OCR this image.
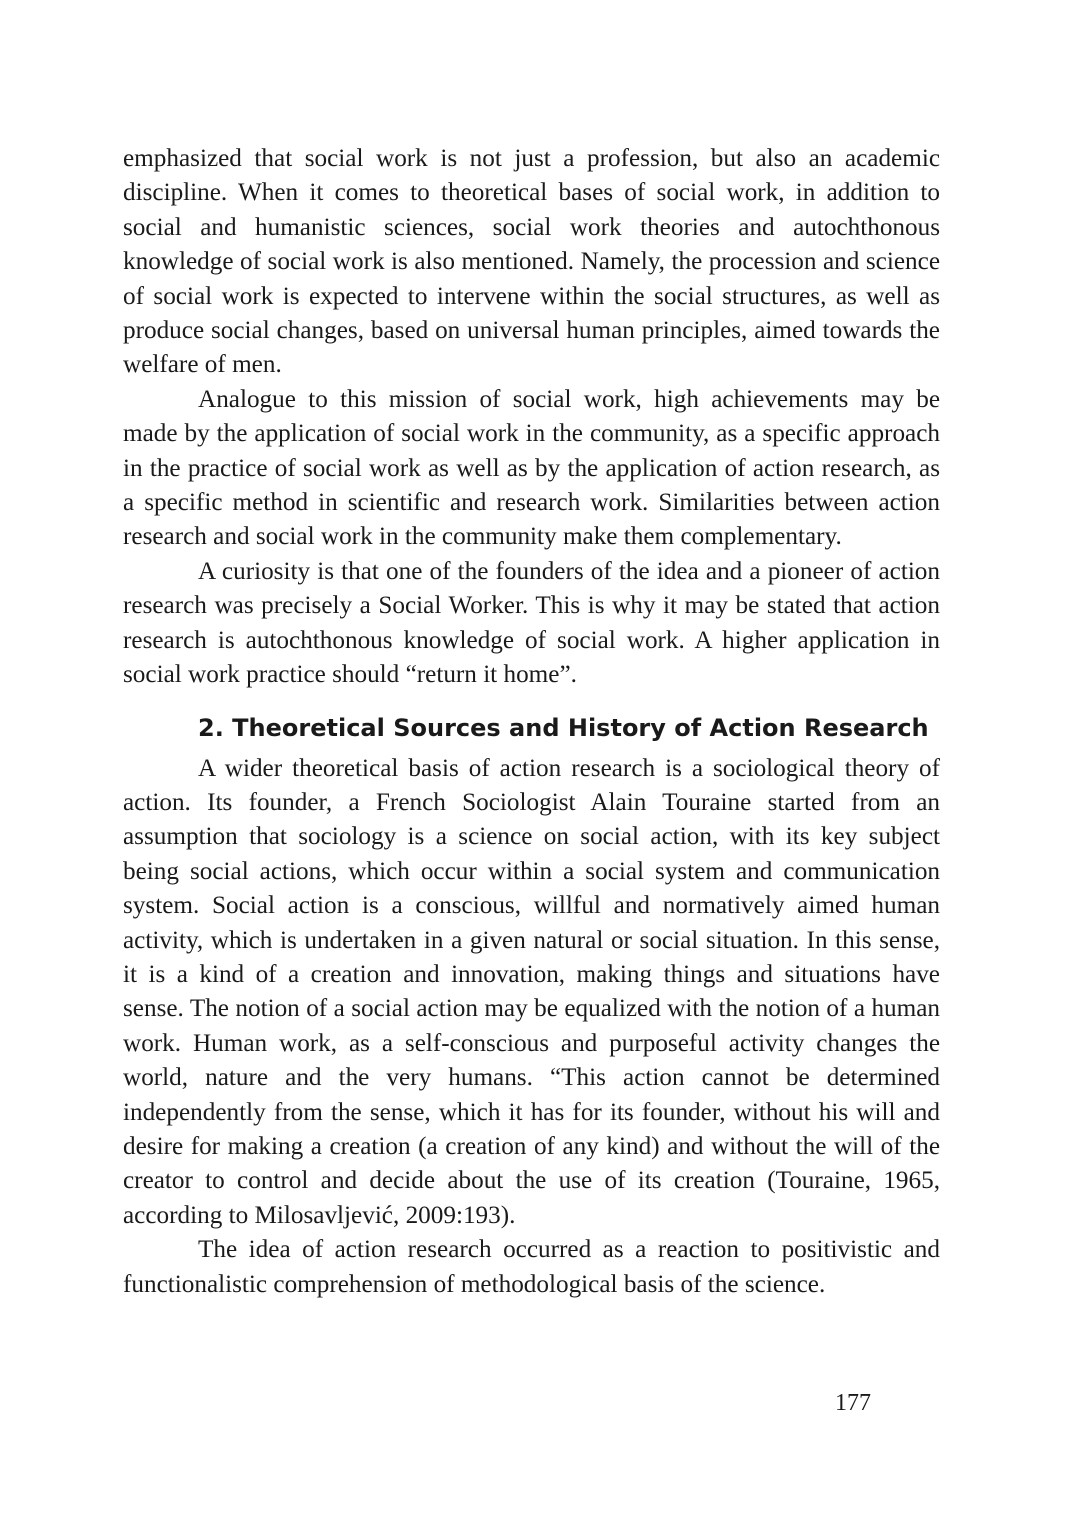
emphasized that social work is not just a profession, but also an academic discipline. When it comes to theoretical bases of social work, in addition to social and humanistic sciences, social work theories and autochthonous knowledge of social work is also mentioned. Namely, the procession and science of social work is expected to intervene within the social structures, as well as produce social changes, based on universal human principles, aimed towards the welfare of men.

Analogue to this mission of social work, high achievements may be made by the application of social work in the community, as a specific approach in the practice of social work as well as by the application of action research, as a specific method in scientific and research work. Similarities between action research and social work in the community make them complementary.

A curiosity is that one of the founders of the idea and a pioneer of action research was precisely a Social Worker. This is why it may be stated that action research is autochthonous knowledge of social work. A higher application in social work practice should “return it home”.

2. Theoretical Sources and History of Action Research

A wider theoretical basis of action research is a sociological theory of action. Its founder, a French Sociologist Alain Touraine started from an assumption that sociology is a science on social action, with its key subject being social actions, which occur within a social system and communication system. Social action is a conscious, willful and normatively aimed human activity, which is undertaken in a given natural or social situation. In this sense, it is a kind of a creation and innovation, making things and situations have sense. The notion of a social action may be equalized with the notion of a human work. Human work, as a self-conscious and purposeful activity changes the world, nature and the very humans. “This action cannot be determined independently from the sense, which it has for its founder, without his will and desire for making a creation (a creation of any kind) and without the will of the creator to control and decide about the use of its creation (Touraine, 1965, according to Milosavljević, 2009:193).

The idea of action research occurred as a reaction to positivistic and functionalistic comprehension of methodological basis of the science.

177
